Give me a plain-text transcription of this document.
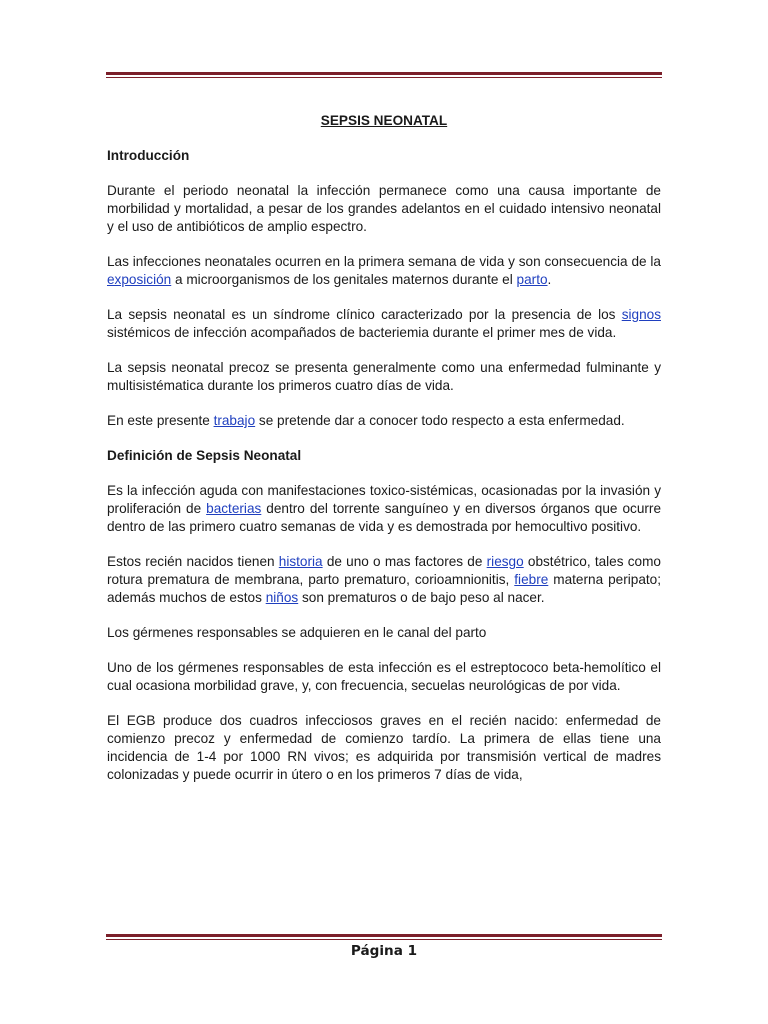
SEPSIS NEONATAL
Introducción

Durante el periodo neonatal la infección permanece como una causa importante de morbilidad y mortalidad, a pesar de los grandes adelantos en el cuidado intensivo neonatal y el uso de antibióticos de amplio espectro.

Las infecciones neonatales ocurren en la primera semana de vida y son consecuencia de la exposición a microorganismos de los genitales maternos durante el parto.

La sepsis neonatal es un síndrome clínico caracterizado por la presencia de los signos sistémicos de infección acompañados de bacteriemia durante el primer mes de vida.

La sepsis neonatal precoz se presenta generalmente como una enfermedad fulminante y multisistématica durante los primeros cuatro días de vida.

En este presente trabajo se pretende dar a conocer todo respecto a esta enfermedad.

Definición de Sepsis Neonatal

Es la infección aguda con manifestaciones toxico-sistémicas, ocasionadas por la invasión y proliferación de bacterias dentro del torrente sanguíneo y en diversos órganos que ocurre dentro de las primero cuatro semanas de vida y es demostrada por hemocultivo positivo.

Estos recién nacidos tienen historia de uno o mas factores de riesgo obstétrico, tales como rotura prematura de membrana, parto prematuro, corioamnionitis, fiebre materna peripato; además muchos de estos niños son prematuros o de bajo peso al nacer.

Los gérmenes responsables se adquieren en le canal del parto

Uno de los gérmenes responsables de esta infección es el estreptococo beta-hemolítico el cual ocasiona morbilidad grave, y, con frecuencia, secuelas neurológicas de por vida.

El EGB produce dos cuadros infecciosos graves en el recién nacido: enfermedad de comienzo precoz y enfermedad de comienzo tardío. La primera de ellas tiene una incidencia de 1-4 por 1000 RN vivos; es adquirida por transmisión vertical de madres colonizadas y puede ocurrir in útero o en los primeros 7 días de vida,

Página 1
